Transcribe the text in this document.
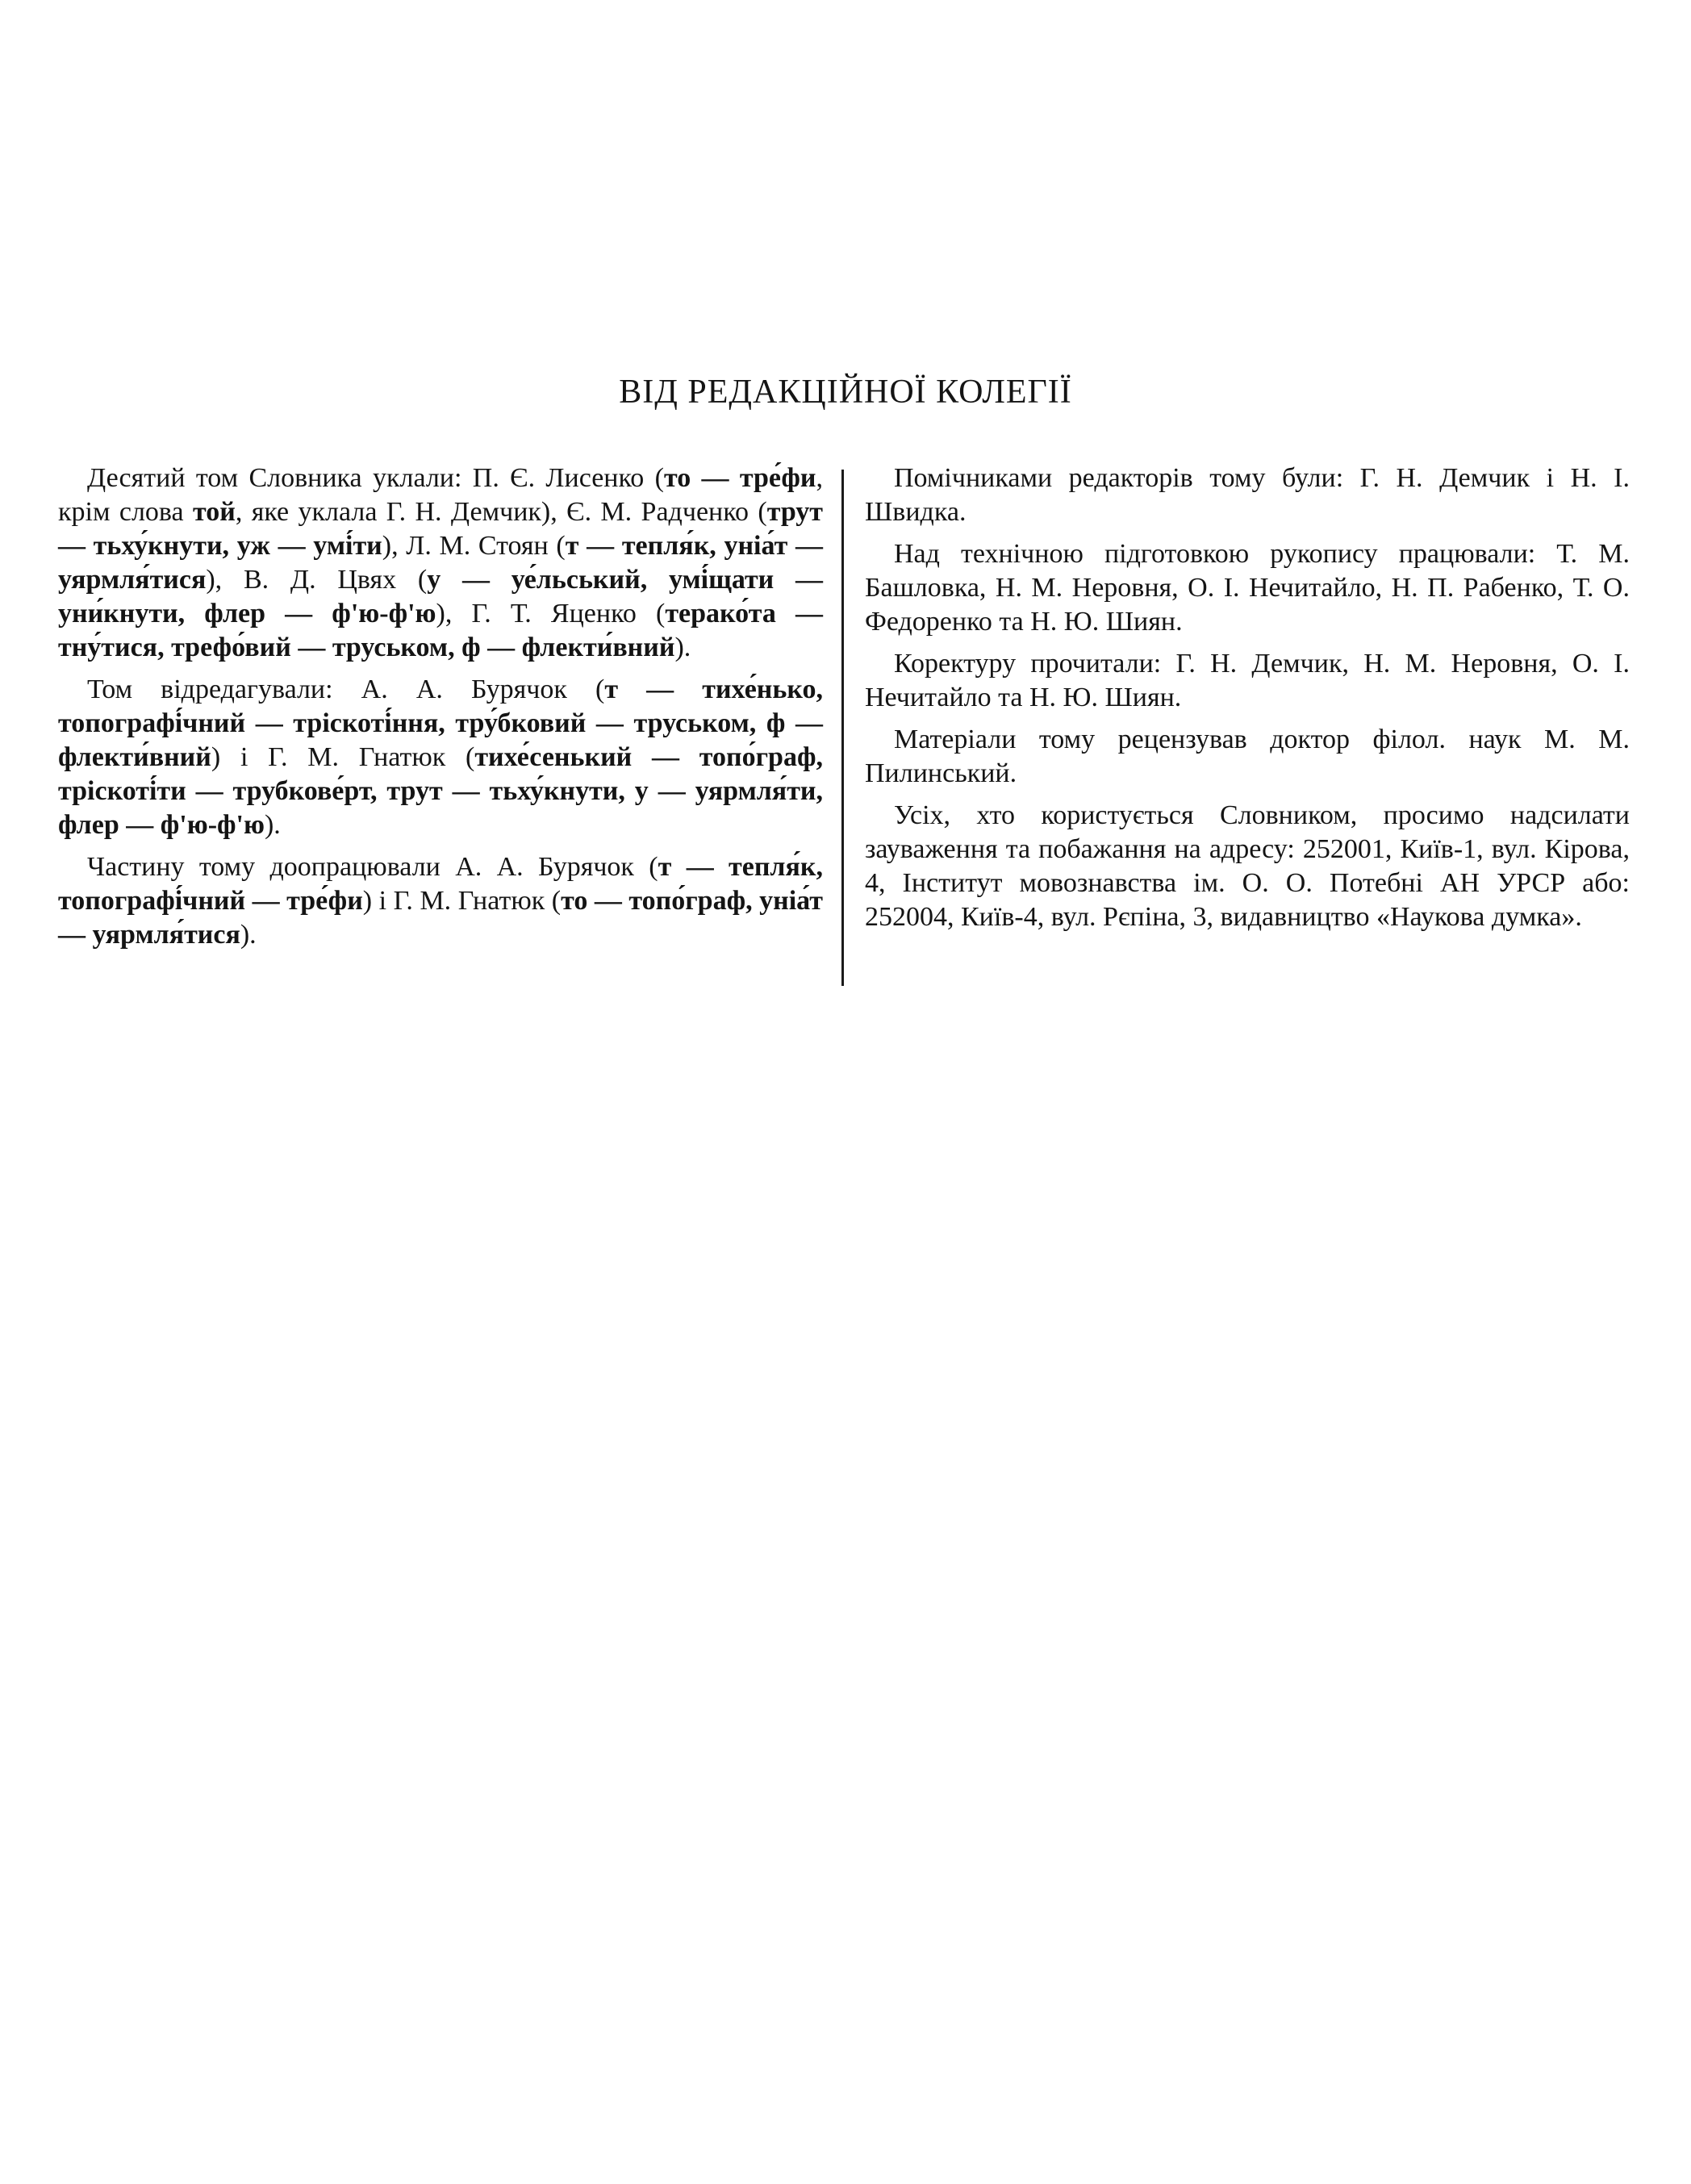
ВІД РЕДАКЦІЙНОЇ КОЛЕГІЇ

Десятий том Словника уклали: П. Є. Лисенко (то — тре́фи, крім слова той, яке уклала Г. Н. Демчик), Є. М. Радченко (трут — тьху́кнути, уж — умі́ти), Л. М. Стоян (т — тепля́к, уніа́т — уярмля́тися), В. Д. Цвях (у — уе́льський, умі́щати — уни́кнути, флер — ф'ю-ф'ю), Г. Т. Яценко (терако́та — тну́тися, трефо́вий — труськом, ф — флекти́вний).

Том відредагували: А. А. Бурячок (т — тихе́нько, топографі́чний — тріскоті́ння, тру́бковий — труськом, ф — флекти́вний) і Г. М. Гнатюк (тихе́сенький — топо́граф, тріскоті́ти — трубкове́рт, трут — тьху́кнути, у — уярмля́ти, флер — ф'ю-ф'ю).

Частину тому доопрацювали А. А. Бурячок (т — тепля́к, топографі́чний — тре́фи) і Г. М. Гнатюк (то — топо́граф, уніа́т — уярмля́тися).

Помічниками редакторів тому були: Г. Н. Демчик і Н. І. Швидка.

Над технічною підготовкою рукопису працювали: Т. М. Башловка, Н. М. Неровня, О. І. Нечитайло, Н. П. Рабенко, Т. О. Федоренко та Н. Ю. Шиян.

Коректуру прочитали: Г. Н. Демчик, Н. М. Неровня, О. І. Нечитайло та Н. Ю. Шиян.

Матеріали тому рецензував доктор філол. наук М. М. Пилинський.

Усіх, хто користується Словником, просимо надсилати зауваження та побажання на адресу: 252001, Київ-1, вул. Кірова, 4, Інститут мовознавства ім. О. О. Потебні АН УРСР або: 252004, Київ-4, вул. Рєпіна, 3, видавництво «Наукова думка».
